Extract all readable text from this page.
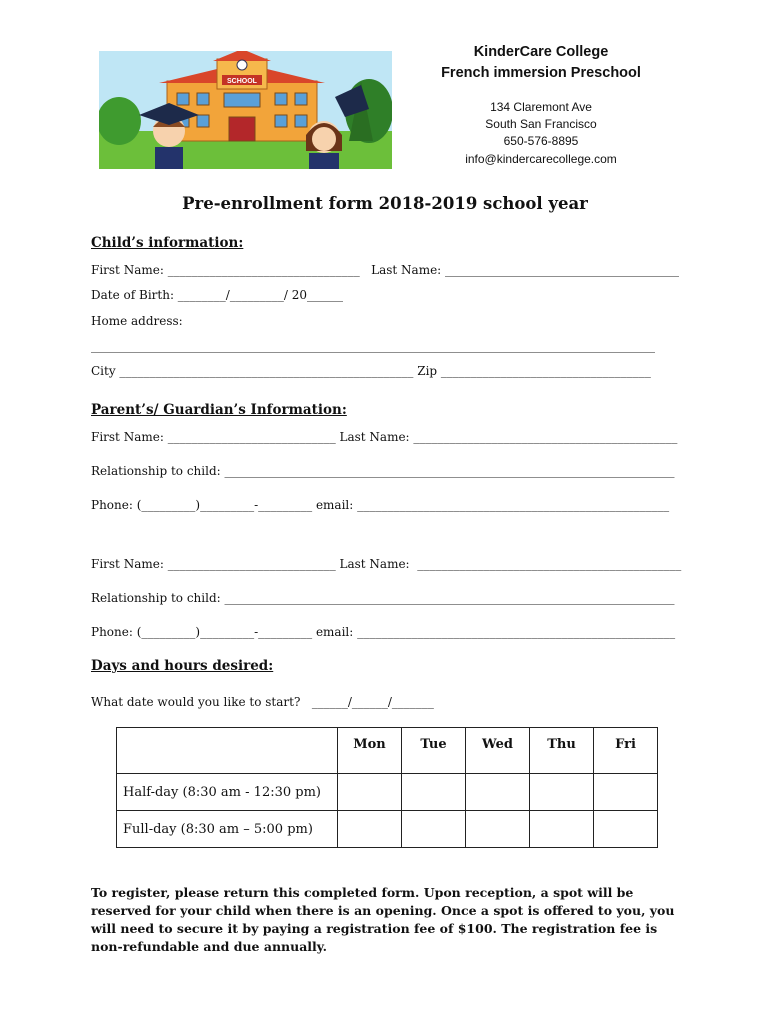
SCHOOL
KinderCare College
French immersion Preschool
134 Claremont Ave
South San Francisco
650-576-8895
info@kindercarecollege.com
Pre-enrollment form 2018-2019 school year
Child’s information:
First Name: ________________________________   Last Name: _______________________________________
Date of Birth: ________/_________/ 20______
Home address:
______________________________________________________________________________________________
City _________________________________________________ Zip ___________________________________
Parent’s/ Guardian’s Information:
First Name: ____________________________ Last Name: ____________________________________________
Relationship to child: ___________________________________________________________________________
Phone: (_________)_________-_________ email: ____________________________________________________
First Name: ____________________________ Last Name:  ____________________________________________
Relationship to child: ___________________________________________________________________________
Phone: (_________)_________-_________ email: _____________________________________________________
Days and hours desired:
What date would you like to start?   ______/______/_______
	Mon	Tue	Wed	Thu	Fri
Half-day (8:30 am - 12:30 pm)					
Full-day (8:30 am – 5:00 pm)					
To register, please return this completed form. Upon reception, a spot will be reserved for your child when there is an opening. Once a spot is offered to you, you will need to secure it by paying a registration fee of $100. The registration fee is non-refundable and due annually.
